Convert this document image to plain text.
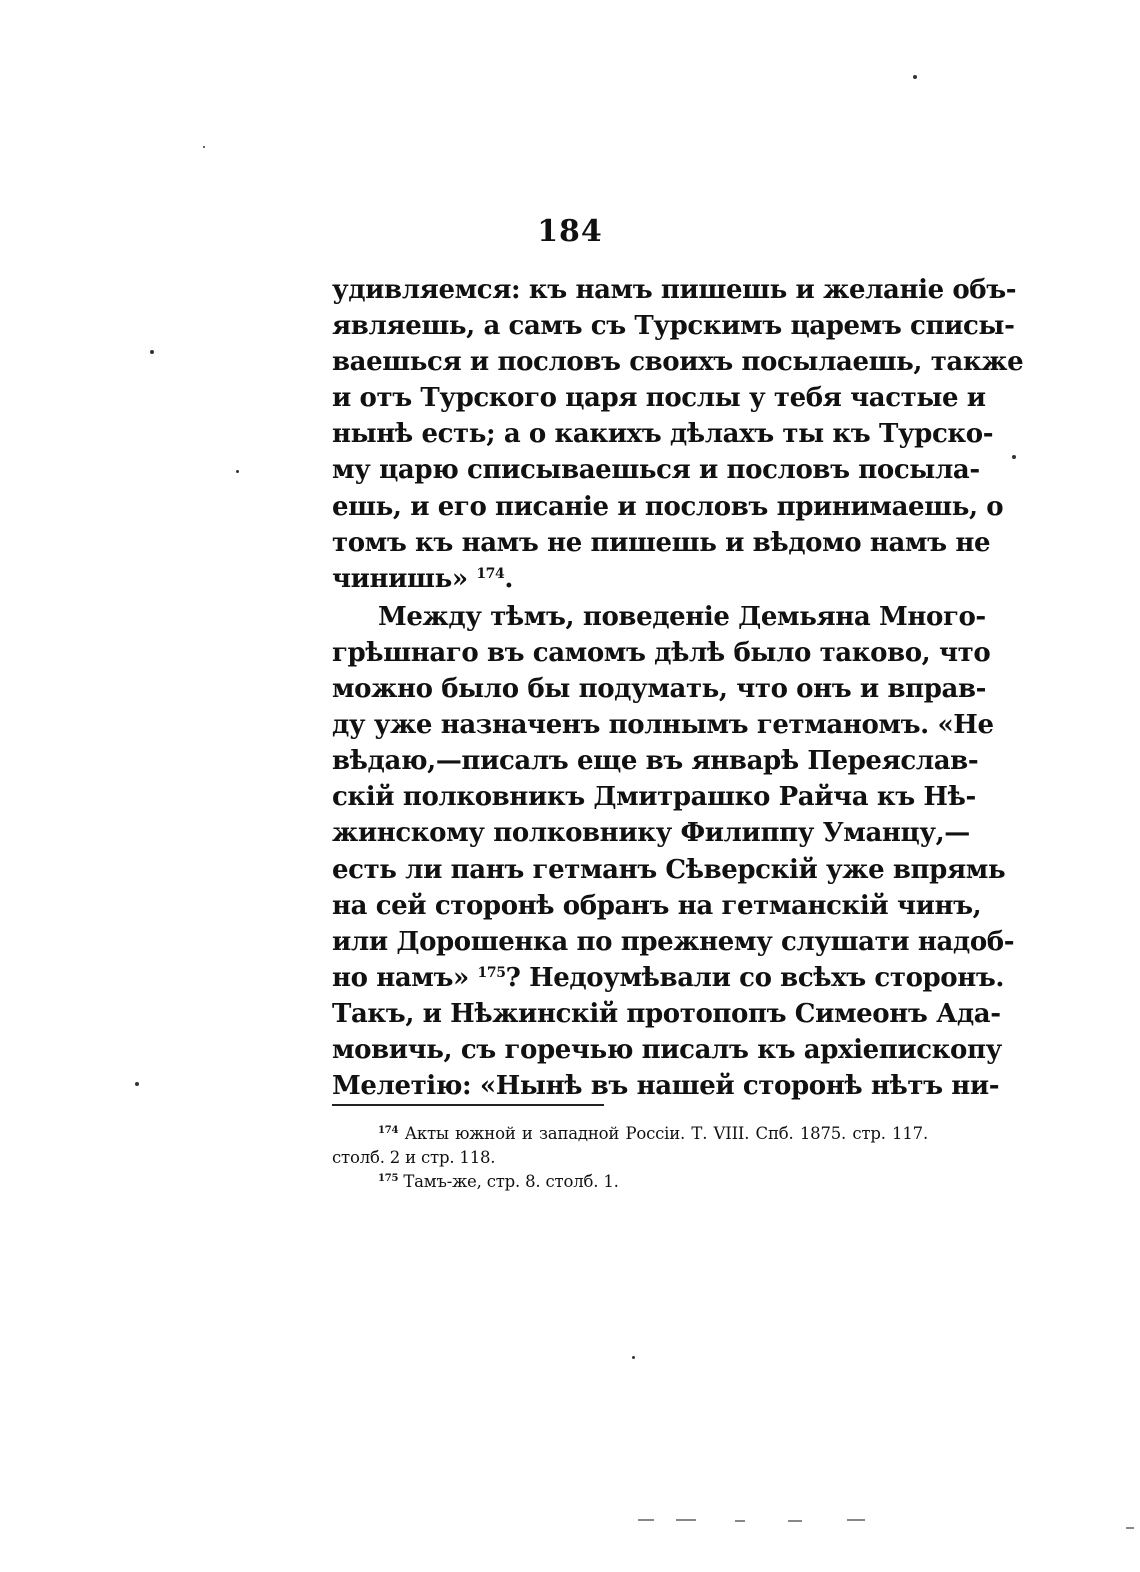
184
удивляемся: къ намъ пишешь и желаніе объ-
являешь, а самъ съ Турскимъ царемъ списы-
ваешься и пословъ своихъ посылаешь, также
и отъ Турского царя послы у тебя частые и
нынѣ есть; а о какихъ дѣлахъ ты къ Турско-
му царю списываешься и пословъ посыла-
ешь, и его писаніе и пословъ принимаешь, о
томъ къ намъ не пишешь и вѣдомо намъ не
чинишь» $^{174}$.
Между тѣмъ, поведеніе Демьяна Много-
грѣшнаго въ самомъ дѣлѣ было таково, что
можно было бы подумать, что онъ и вправ-
ду уже назначенъ полнымъ гетманомъ. «Не
вѣдаю,—писалъ еще въ январѣ Переяслав-
скій полковникъ Дмитрашко Райча къ Нѣ-
жинскому полковнику Филиппу Уманцу,—
есть ли панъ гетманъ Сѣверскій уже впрямь
на сей сторонѣ обранъ на гетманскій чинъ,
или Дорошенка по прежнему слушати надоб-
но намъ» $^{175}$? Недоумѣвали со всѣхъ сторонъ.
Такъ, и Нѣжинскій протопопъ Симеонъ Ада-
мовичь, съ горечью писалъ къ архіепископу
Мелетію: «Нынѣ въ нашей сторонѣ нѣтъ ни-
$^{174}$ Акты южной и западной Россіи. Т. VIII. Спб. 1875. стр. 117.
столб. 2 и стр. 118.
$^{175}$ Тамъ-же, стр. 8. столб. 1.
